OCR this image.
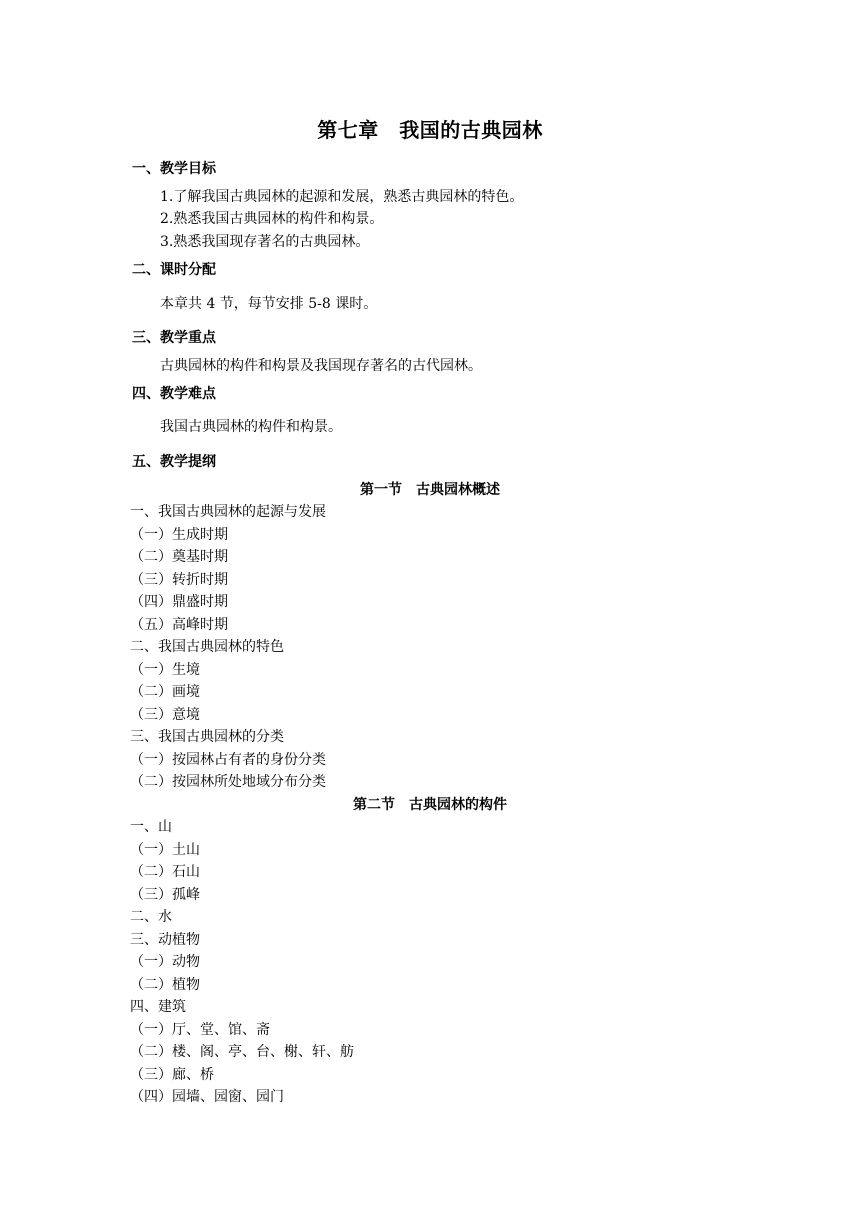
第七章　我国的古典园林
一、教学目标
1.了解我国古典园林的起源和发展，熟悉古典园林的特色。
2.熟悉我国古典园林的构件和构景。
3.熟悉我国现存著名的古典园林。
二、课时分配
本章共 4 节，每节安排 5-8 课时。
三、教学重点
古典园林的构件和构景及我国现存著名的古代园林。
四、教学难点
我国古典园林的构件和构景。
五、教学提纲
第一节　古典园林概述
一、我国古典园林的起源与发展
（一）生成时期
（二）奠基时期
（三）转折时期
（四）鼎盛时期
（五）高峰时期
二、我国古典园林的特色
（一）生境
（二）画境
（三）意境
三、我国古典园林的分类
（一）按园林占有者的身份分类
（二）按园林所处地域分布分类
第二节　古典园林的构件
一、山
（一）土山
（二）石山
（三）孤峰
二、水
三、动植物
（一）动物
（二）植物
四、建筑
（一）厅、堂、馆、斋
（二）楼、阁、亭、台、榭、轩、舫
（三）廊、桥
（四）园墙、园窗、园门
